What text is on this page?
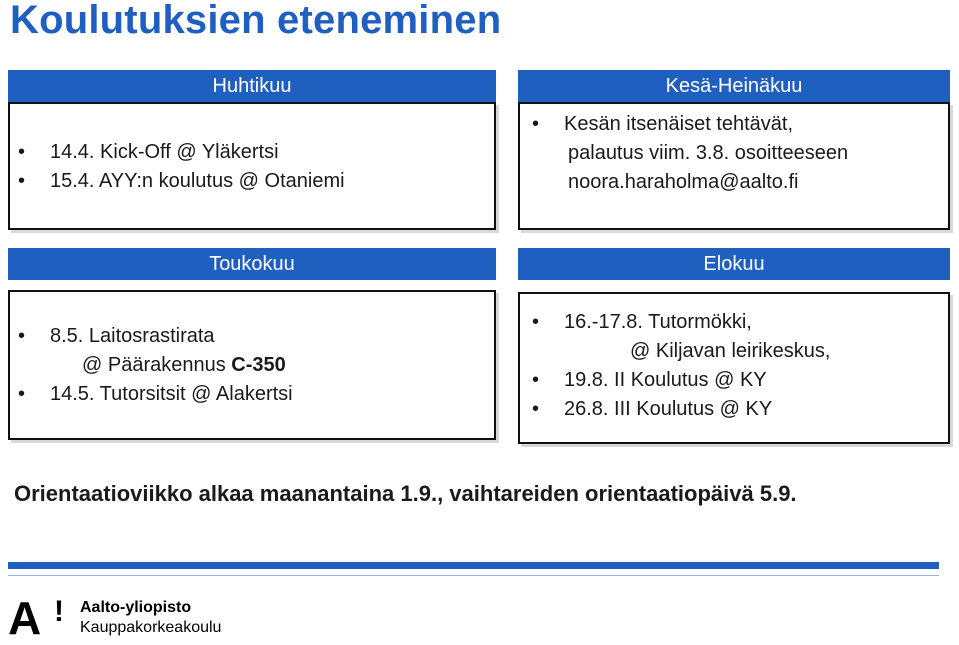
Koulutuksien eteneminen
Huhtikuu
• 14.4. Kick-Off @ Yläkertsi
• 15.4. AYY:n koulutus @ Otaniemi
Kesä-Heinäkuu
• Kesän itsenäiset tehtävät,
palautus viim. 3.8. osoitteeseen
noora.haraholma@aalto.fi
Toukokuu
• 8.5. Laitosrastirata
@ Päärakennus C-350
• 14.5. Tutorsitsit @ Alakertsi
Elokuu
• 16.-17.8. Tutormökki,
@ Kiljavan leirikeskus,
• 19.8. II Koulutus @ KY
• 26.8. III Koulutus @ KY
Orientaatioviikko alkaa maanantaina 1.9., vaihtareiden orientaatiopäivä 5.9.
A ! Aalto-yliopisto
Kauppakorkeakoulu
